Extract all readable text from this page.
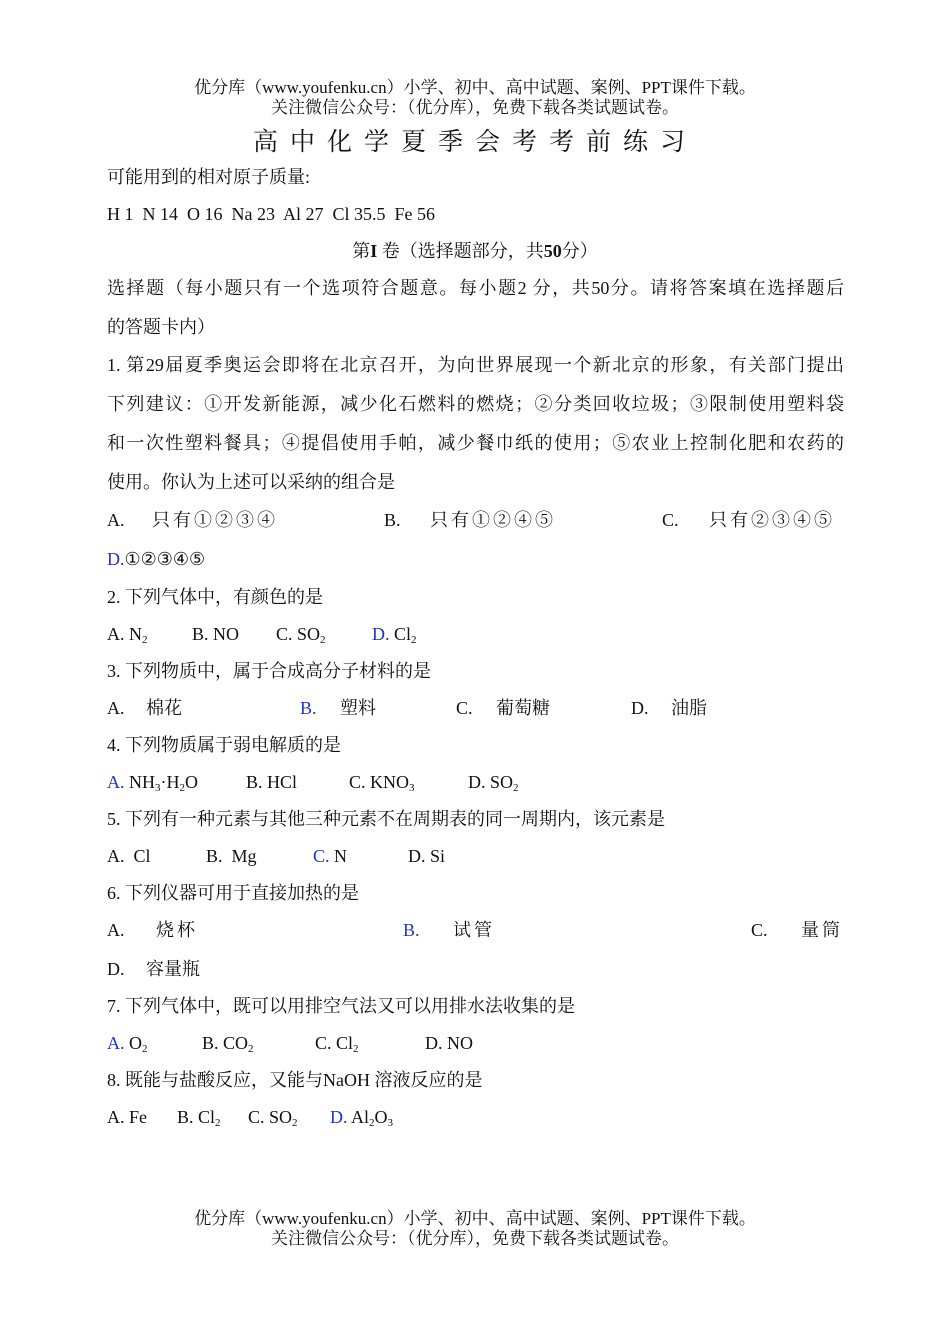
优分库（www.youfenku.cn）小学、初中、高中试题、案例、PPT课件下载。
关注微信公众号：（优分库），免费下载各类试题试卷。
高中化学夏季会考考前练习
可能用到的相对原子质量:
H 1  N 14  O 16  Na 23  Al 27  Cl 35.5  Fe 56
第I 卷（选择题部分，共50分）
选择题（每小题只有一个选项符合题意。每小题2 分，共50分。请将答案填在选择题后
的答题卡内）
1. 第29届夏季奥运会即将在北京召开，为向世界展现一个新北京的形象，有关部门提出
下列建议：①开发新能源，减少化石燃料的燃烧；②分类回收垃圾；③限制使用塑料袋
和一次性塑料餐具；④提倡使用手帕，减少餐巾纸的使用；⑤农业上控制化肥和农药的
使用。你认为上述可以采纳的组合是
A. 只有①②③④	B. 只有①②④⑤	C. 只有②③④⑤
D.①②③④⑤
2. 下列气体中，有颜色的是
A. $N_2$ B. NO C. $SO_2$	D. $Cl_2$
3. 下列物质中，属于合成高分子材料的是
A. 棉花	B. 塑料	C. 葡萄糖	D. 油脂
4. 下列物质属于弱电解质的是
A. $NH_3\cdot H_2O$	B. HCl	C. $KNO_3$	D. $SO_2$
5. 下列有一种元素与其他三种元素不在周期表的同一周期内，该元素是
A. Cl	B. Mg	C. N	D. Si
6. 下列仪器可用于直接加热的是
A. 烧杯	B. 试管	C. 量筒
D. 容量瓶
7. 下列气体中，既可以用排空气法又可以用排水法收集的是
A. $O_2$	B. $CO_2$	C. $Cl_2$	D. NO
8. 既能与盐酸反应，又能与NaOH 溶液反应的是
A. Fe B. $Cl_2$ C. $SO_2$ D. $Al_2O_3$
优分库（www.youfenku.cn）小学、初中、高中试题、案例、PPT课件下载。
关注微信公众号：（优分库），免费下载各类试题试卷。
